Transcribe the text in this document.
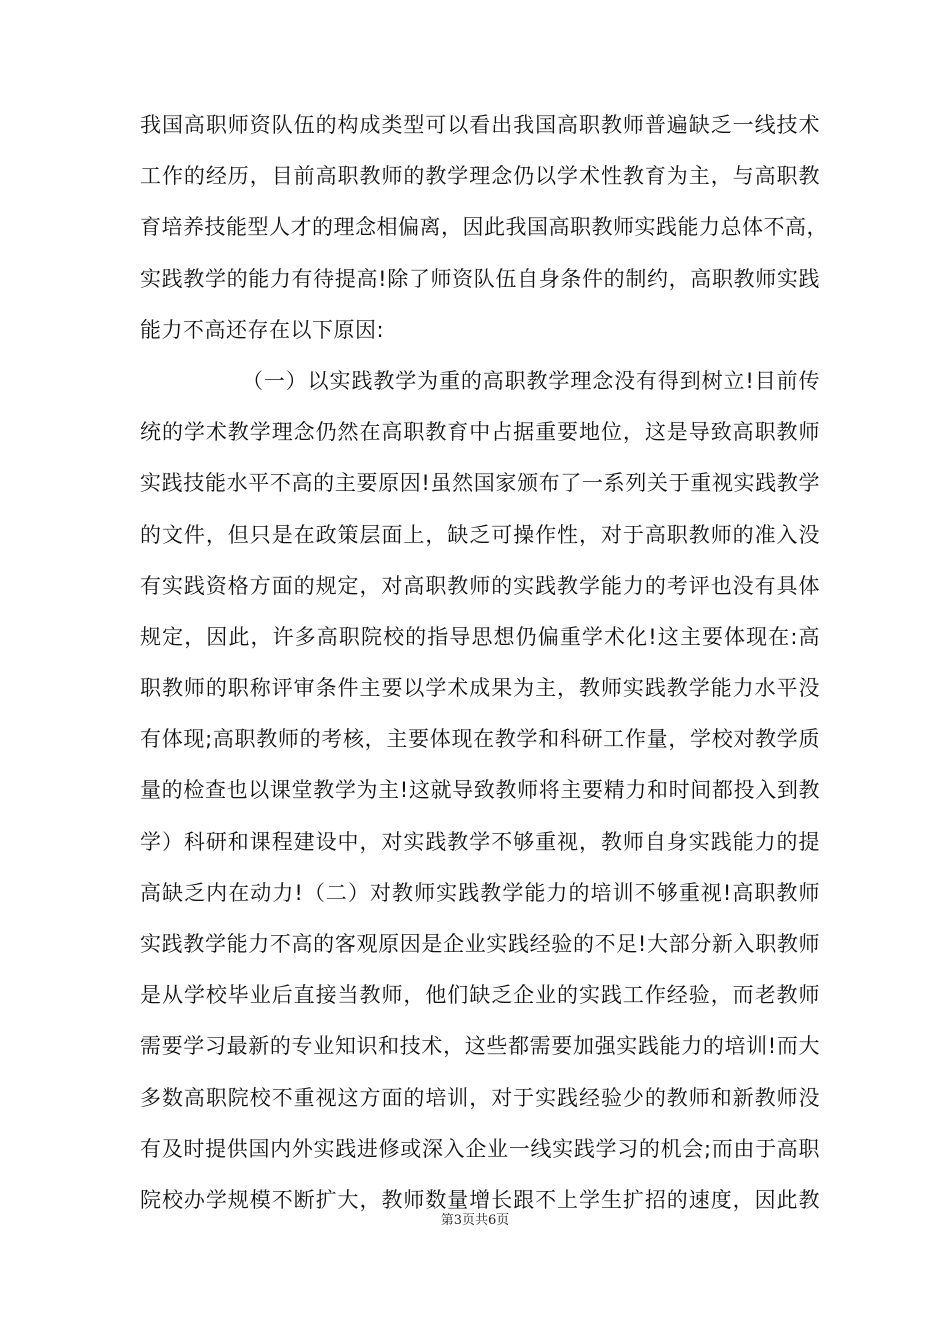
我国高职师资队伍的构成类型可以看出我国高职教师普遍缺乏一线技术
工作的经历，目前高职教师的教学理念仍以学术性教育为主，与高职教
育培养技能型人才的理念相偏离，因此我国高职教师实践能力总体不高，
实践教学的能力有待提高!除了师资队伍自身条件的制约，高职教师实践
能力不高还存在以下原因:
（一）以实践教学为重的高职教学理念没有得到树立!目前传
统的学术教学理念仍然在高职教育中占据重要地位，这是导致高职教师
实践技能水平不高的主要原因!虽然国家颁布了一系列关于重视实践教学
的文件，但只是在政策层面上，缺乏可操作性，对于高职教师的准入没
有实践资格方面的规定，对高职教师的实践教学能力的考评也没有具体
规定，因此，许多高职院校的指导思想仍偏重学术化!这主要体现在:高
职教师的职称评审条件主要以学术成果为主，教师实践教学能力水平没
有体现;高职教师的考核，主要体现在教学和科研工作量，学校对教学质
量的检查也以课堂教学为主!这就导致教师将主要精力和时间都投入到教
学）科研和课程建设中，对实践教学不够重视，教师自身实践能力的提
高缺乏内在动力!（二）对教师实践教学能力的培训不够重视!高职教师
实践教学能力不高的客观原因是企业实践经验的不足!大部分新入职教师
是从学校毕业后直接当教师，他们缺乏企业的实践工作经验，而老教师
需要学习最新的专业知识和技术，这些都需要加强实践能力的培训!而大
多数高职院校不重视这方面的培训，对于实践经验少的教师和新教师没
有及时提供国内外实践进修或深入企业一线实践学习的机会;而由于高职
院校办学规模不断扩大，教师数量增长跟不上学生扩招的速度，因此教
第3页共6页
